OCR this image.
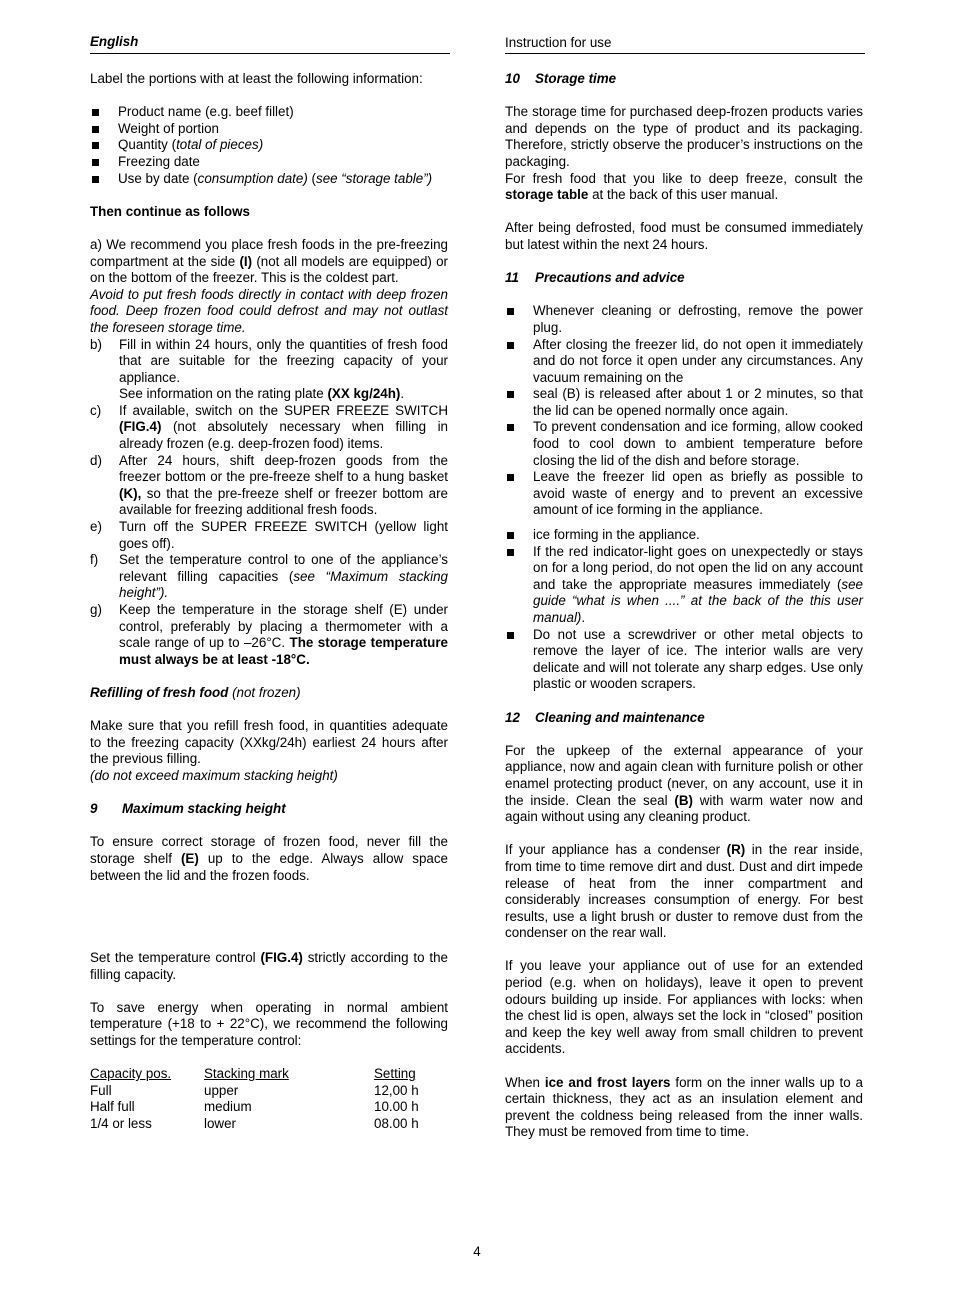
English	Instruction for use

Label the portions with at least the following information:

Product name (e.g. beef fillet)
Weight of portion
Quantity (total of pieces)
Freezing date
Use by date (consumption date) (see “storage table”)

Then continue as follows

a) We recommend you place fresh foods in the pre-freezing compartment at the side (I) (not all models are equipped) or on the bottom of the freezer. This is the coldest part.

Avoid to put fresh foods directly in contact with deep frozen food. Deep frozen food could defrost and may not outlast the foreseen storage time.

b) Fill in within 24 hours, only the quantities of fresh food that are suitable for the freezing capacity of your appliance.
See information on the rating plate (XX kg/24h).
c) If available, switch on the SUPER FREEZE SWITCH (FIG.4) (not absolutely necessary when filling in already frozen (e.g. deep-frozen food) items.
d) After 24 hours, shift deep-frozen goods from the freezer bottom or the pre-freeze shelf to a hung basket (K), so that the pre-freeze shelf or freezer bottom are available for freezing additional fresh foods.
e) Turn off the SUPER FREEZE SWITCH (yellow light goes off).
f) Set the temperature control to one of the appliance’s relevant filling capacities (see “Maximum stacking height”).
g) Keep the temperature in the storage shelf (E) under control, preferably by placing a thermometer with a scale range of up to –26°C. The storage temperature must always be at least -18°C.

Refilling of fresh food (not frozen)

Make sure that you refill fresh food, in quantities adequate to the freezing capacity (XXkg/24h) earliest 24 hours after the previous filling.

(do not exceed maximum stacking height)

9 Maximum stacking height

To ensure correct storage of frozen food, never fill the storage shelf (E) up to the edge. Always allow space between the lid and the frozen foods.

Set the temperature control (FIG.4) strictly according to the filling capacity.

To save energy when operating in normal ambient temperature (+18 to + 22°C), we recommend the following settings for the temperature control:

Capacity pos.	Stacking mark	Setting
Full	upper	12,00 h
Half full	medium	10.00 h
1/4 or less	lower	08.00 h

10 Storage time

The storage time for purchased deep-frozen products varies and depends on the type of product and its packaging. Therefore, strictly observe the producer’s instructions on the packaging.

For fresh food that you like to deep freeze, consult the storage table at the back of this user manual.

After being defrosted, food must be consumed immediately but latest within the next 24 hours.

11 Precautions and advice

Whenever cleaning or defrosting, remove the power plug.
After closing the freezer lid, do not open it immediately and do not force it open under any circumstances. Any vacuum remaining on the
seal (B) is released after about 1 or 2 minutes, so that the lid can be opened normally once again.
To prevent condensation and ice forming, allow cooked food to cool down to ambient temperature before closing the lid of the dish and before storage.
Leave the freezer lid open as briefly as possible to avoid waste of energy and to prevent an excessive amount of ice forming in the appliance.
ice forming in the appliance.
If the red indicator-light goes on unexpectedly or stays on for a long period, do not open the lid on any account and take the appropriate measures immediately (see guide “what is when ....” at the back of the this user manual).
Do not use a screwdriver or other metal objects to remove the layer of ice. The interior walls are very delicate and will not tolerate any sharp edges. Use only plastic or wooden scrapers.

12 Cleaning and maintenance

For the upkeep of the external appearance of your appliance, now and again clean with furniture polish or other enamel protecting product (never, on any account, use it in the inside. Clean the seal (B) with warm water now and again without using any cleaning product.

If your appliance has a condenser (R) in the rear inside, from time to time remove dirt and dust. Dust and dirt impede release of heat from the inner compartment and considerably increases consumption of energy. For best results, use a light brush or duster to remove dust from the condenser on the rear wall.

If you leave your appliance out of use for an extended period (e.g. when on holidays), leave it open to prevent odours building up inside. For appliances with locks: when the chest lid is open, always set the lock in “closed” position and keep the key well away from small children to prevent accidents.

When ice and frost layers form on the inner walls up to a certain thickness, they act as an insulation element and prevent the coldness being released from the inner walls. They must be removed from time to time.

4
